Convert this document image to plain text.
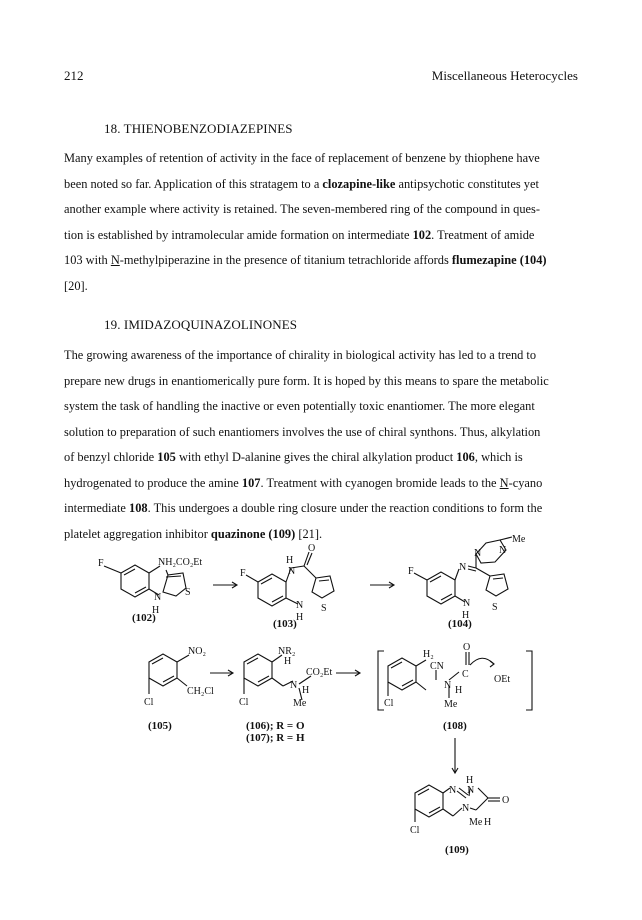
212	Miscellaneous Heterocycles
18. THIENOBENZODIAZEPINES
Many examples of retention of activity in the face of replacement of benzene by thiophene have
been noted so far. Application of this stratagem to a clozapine-like antipsychotic constitutes yet
another example where activity is retained. The seven-membered ring of the compound in ques-
tion is established by intramolecular amide formation on intermediate 102. Treatment of amide
103 with N-methylpiperazine in the presence of titanium tetrachloride affords flumezapine (104)
[20].
19. IMIDAZOQUINAZOLINONES
The growing awareness of the importance of chirality in biological activity has led to a trend to
prepare new drugs in enantiomerically pure form. It is hoped by this means to spare the metabolic
system the task of handling the inactive or even potentially toxic enantiomer. The more elegant
solution to preparation of such enantiomers involves the use of chiral synthons. Thus, alkylation
of benzyl chloride 105 with ethyl D-alanine gives the chiral alkylation product 106, which is
hydrogenated to produce the amine 107. Treatment with cyanogen bromide leads to the N-cyano
intermediate 108. This undergoes a double ring closure under the reaction conditions to form the
platelet aggregation inhibitor quazinone (109) [21].
F	NH₂CO₂Et
N
H
S
F
H
N
O
N
H
S
F	N
N N
Me
N
H
S
NO₂
CH₂Cl
Cl
NR₂
H
N
CO₂Et
H
Me
Cl
H₂
CN
O
N
C	OEt
H
Me
Cl
H
N
N
N
O
Me H
Cl
(102)	(103)	(104)
(105)	(106); R = O
(107); R = H
(108)
(109)
